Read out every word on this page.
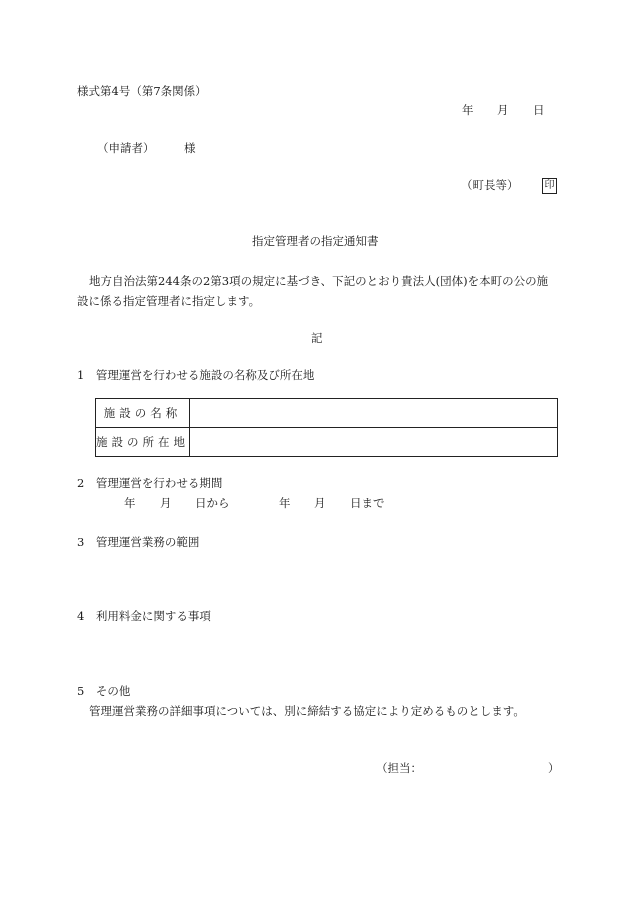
様式第4号（第7条関係）
年 月 日
（申請者）	様
（町長等）	印
指定管理者の指定通知書
地方自治法第244条の2第3項の規定に基づき、下記のとおり貴法人(団体)を本町の公の施
設に係る指定管理者に指定します。
記
1　管理運営を行わせる施設の名称及び所在地
施設の名称	
施設の所在地	
2　管理運営を行わせる期間
年 月 日から	年 月 日まで
3　管理運営業務の範囲
4　利用料金に関する事項
5　その他
管理運営業務の詳細事項については、別に締結する協定により定めるものとします。
（担当：	）
